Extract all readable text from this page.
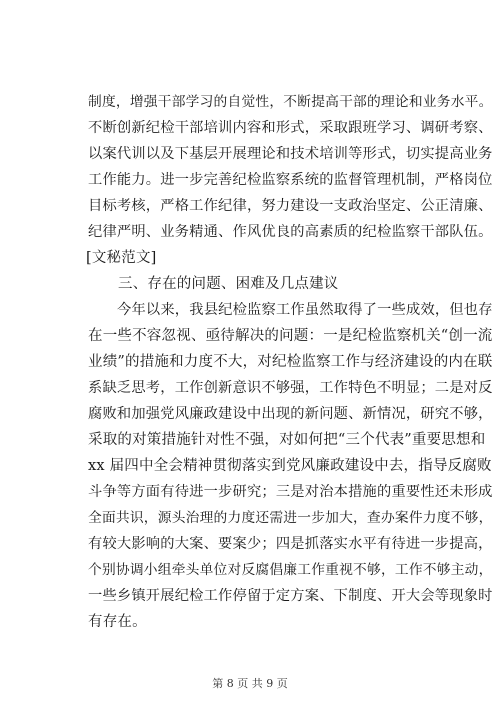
制度，增强干部学习的自觉性，不断提高干部的理论和业务水平。
不断创新纪检干部培训内容和形式，采取跟班学习、调研考察、
以案代训以及下基层开展理论和技术培训等形式，切实提高业务
工作能力。进一步完善纪检监察系统的监督管理机制，严格岗位
目标考核，严格工作纪律，努力建设一支政治坚定、公正清廉、
纪律严明、业务精通、作风优良的高素质的纪检监察干部队伍。
[文秘范文]
三、存在的问题、困难及几点建议
今年以来，我县纪检监察工作虽然取得了一些成效，但也存
在一些不容忽视、亟待解决的问题：一是纪检监察机关“创一流
业绩”的措施和力度不大，对纪检监察工作与经济建设的内在联
系缺乏思考，工作创新意识不够强，工作特色不明显；二是对反
腐败和加强党风廉政建设中出现的新问题、新情况，研究不够，
采取的对策措施针对性不强，对如何把“三个代表”重要思想和
xx 届四中全会精神贯彻落实到党风廉政建设中去，指导反腐败
斗争等方面有待进一步研究；三是对治本措施的重要性还未形成
全面共识，源头治理的力度还需进一步加大，查办案件力度不够，
有较大影响的大案、要案少；四是抓落实水平有待进一步提高，
个别协调小组牵头单位对反腐倡廉工作重视不够，工作不够主动，
一些乡镇开展纪检工作停留于定方案、下制度、开大会等现象时
有存在。
第 8 页 共 9 页
